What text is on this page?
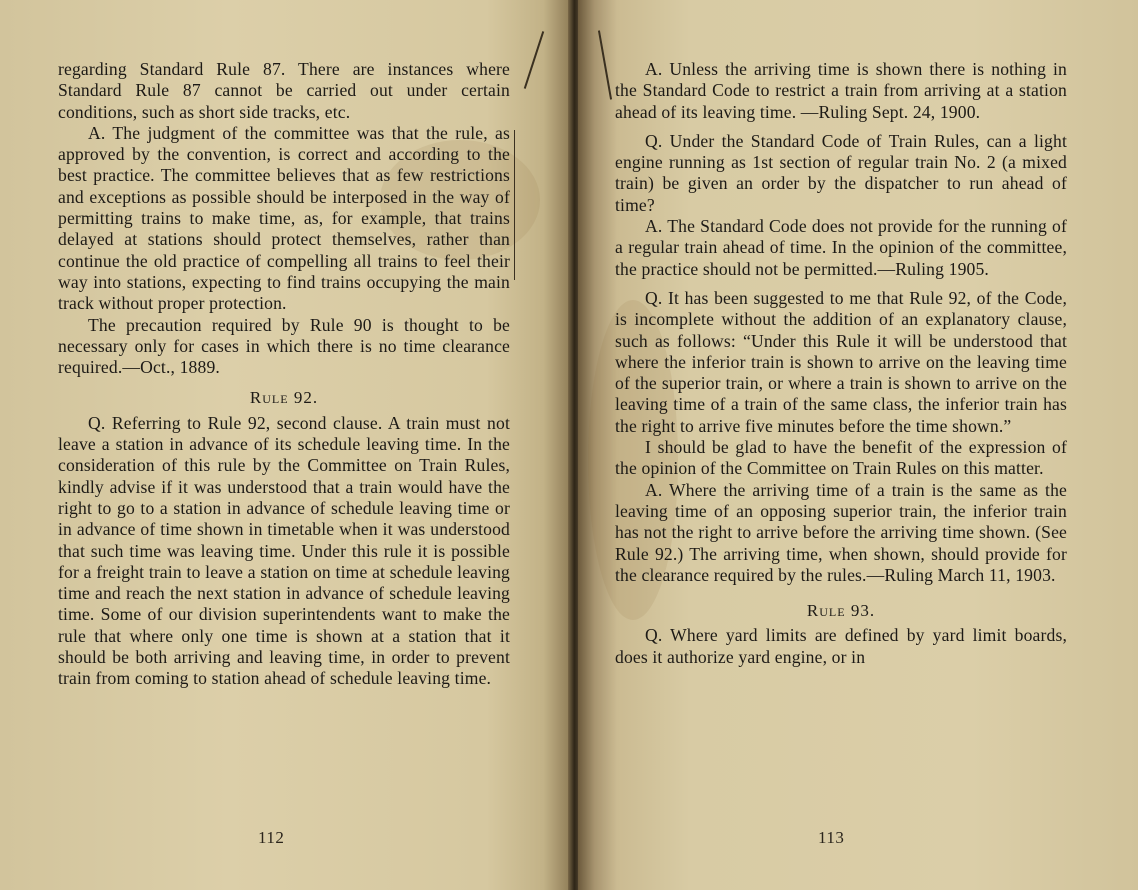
regarding Standard Rule 87. There are instances where Standard Rule 87 cannot be carried out under certain conditions, such as short side tracks, etc.

A. The judgment of the committee was that the rule, as approved by the convention, is correct and according to the best practice. The committee believes that as few restrictions and exceptions as possible should be interposed in the way of permitting trains to make time, as, for example, that trains delayed at stations should protect themselves, rather than continue the old practice of compelling all trains to feel their way into stations, expecting to find trains occupying the main track without proper protection.

The precaution required by Rule 90 is thought to be necessary only for cases in which there is no time clearance required.—Oct., 1889.

Rule 92.

Q. Referring to Rule 92, second clause. A train must not leave a station in advance of its schedule leaving time. In the consideration of this rule by the Committee on Train Rules, kindly advise if it was understood that a train would have the right to go to a station in advance of schedule leaving time or in advance of time shown in timetable when it was understood that such time was leaving time. Under this rule it is possible for a freight train to leave a station on time at schedule leaving time and reach the next station in advance of schedule leaving time. Some of our division superintendents want to make the rule that where only one time is shown at a station that it should be both arriving and leaving time, in order to prevent train from coming to station ahead of schedule leaving time.

112

A. Unless the arriving time is shown there is nothing in the Standard Code to restrict a train from arriving at a station ahead of its leaving time. —Ruling Sept. 24, 1900.

Q. Under the Standard Code of Train Rules, can a light engine running as 1st section of regular train No. 2 (a mixed train) be given an order by the dispatcher to run ahead of time?

A. The Standard Code does not provide for the running of a regular train ahead of time. In the opinion of the committee, the practice should not be permitted.—Ruling 1905.

Q. It has been suggested to me that Rule 92, of the Code, is incomplete without the addition of an explanatory clause, such as follows: “Under this Rule it will be understood that where the inferior train is shown to arrive on the leaving time of the superior train, or where a train is shown to arrive on the leaving time of a train of the same class, the inferior train has the right to arrive five minutes before the time shown.”

I should be glad to have the benefit of the expression of the opinion of the Committee on Train Rules on this matter.

A. Where the arriving time of a train is the same as the leaving time of an opposing superior train, the inferior train has not the right to arrive before the arriving time shown. (See Rule 92.) The arriving time, when shown, should provide for the clearance required by the rules.—Ruling March 11, 1903.

Rule 93.

Q. Where yard limits are defined by yard limit boards, does it authorize yard engine, or in

113
